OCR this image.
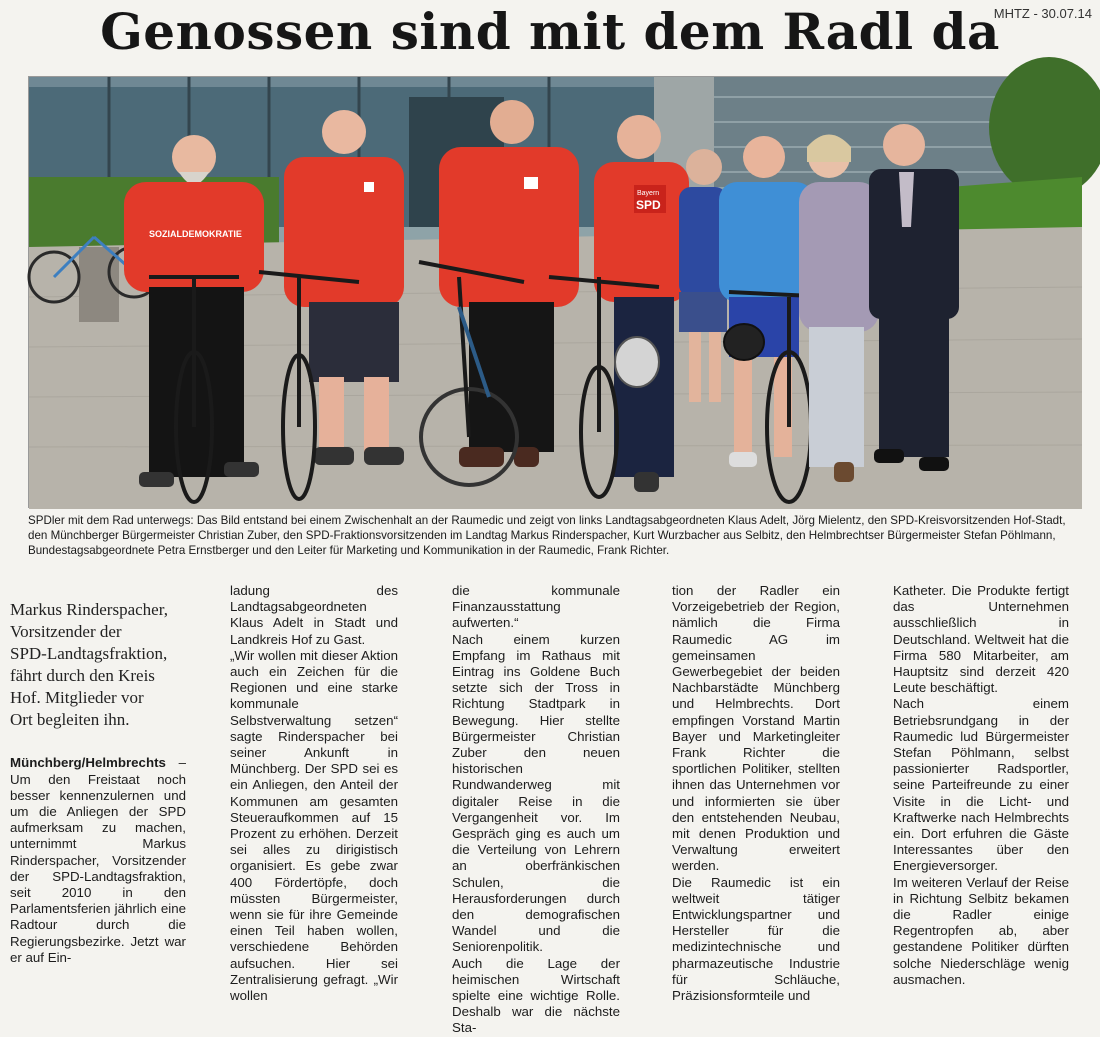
Genossen sind mit dem Radl da
MHTZ - 30.07.14
SOZIALDEMOKRATIE
Bayern
SPD
SPDler mit dem Rad unterwegs: Das Bild entstand bei einem Zwischenhalt an der Raumedic und zeigt von links Landtagsabgeordneten Klaus Adelt, Jörg Mielentz, den SPD-Kreisvorsitzenden Hof-Stadt, den Münchberger Bürgermeister Christian Zuber, den SPD-Fraktionsvorsitzenden im Landtag Markus Rinderspacher, Kurt Wurzbacher aus Selbitz, den Helmbrechtser Bürgermeister Stefan Pöhlmann, Bundestagsabgeordnete Petra Ernstberger und den Leiter für Marketing und Kommunikation in der Raumedic, Frank Richter.

Markus Rinderspacher,
Vorsitzender der
SPD-Landtagsfraktion,
fährt durch den Kreis
Hof. Mitglieder vor
Ort begleiten ihn.

Münchberg/Helmbrechts – Um den Freistaat noch besser kennenzulernen und um die Anliegen der SPD aufmerksam zu machen, unternimmt Markus Rinderspacher, Vorsitzender der SPD-Landtagsfraktion, seit 2010 in den Parlamentsferien jährlich eine Radtour durch die Regierungsbezirke. Jetzt war er auf Ein-

ladung des Landtagsabgeordneten Klaus Adelt in Stadt und Landkreis Hof zu Gast.
„Wir wollen mit dieser Aktion auch ein Zeichen für die Regionen und eine starke kommunale Selbstverwaltung setzen“ sagte Rinderspacher bei seiner Ankunft in Münchberg. Der SPD sei es ein Anliegen, den Anteil der Kommunen am gesamten Steueraufkommen auf 15 Prozent zu erhöhen. Derzeit sei alles zu dirigistisch organisiert. Es gebe zwar 400 Fördertöpfe, doch müssten Bürgermeister, wenn sie für ihre Gemeinde einen Teil haben wollen, verschiedene Behörden aufsuchen. Hier sei Zentralisierung gefragt. „Wir wollen
die kommunale Finanzausstattung aufwerten.“
Nach einem kurzen Empfang im Rathaus mit Eintrag ins Goldene Buch setzte sich der Tross in Richtung Stadtpark in Bewegung. Hier stellte Bürgermeister Christian Zuber den neuen historischen Rundwanderweg mit digitaler Reise in die Vergangenheit vor. Im Gespräch ging es auch um die Verteilung von Lehrern an oberfränkischen Schulen, die Herausforderungen durch den demografischen Wandel und die Seniorenpolitik.
Auch die Lage der heimischen Wirtschaft spielte eine wichtige Rolle. Deshalb war die nächste Sta-
tion der Radler ein Vorzeigebetrieb der Region, nämlich die Firma Raumedic AG im gemeinsamen Gewerbegebiet der beiden Nachbarstädte Münchberg und Helmbrechts. Dort empfingen Vorstand Martin Bayer und Marketingleiter Frank Richter die sportlichen Politiker, stellten ihnen das Unternehmen vor und informierten sie über den entstehenden Neubau, mit denen Produktion und Verwaltung erweitert werden.
Die Raumedic ist ein weltweit tätiger Entwicklungspartner und Hersteller für die medizintechnische und pharmazeutische Industrie für Schläuche, Präzisionsformteile und
Katheter. Die Produkte fertigt das Unternehmen ausschließlich in Deutschland. Weltweit hat die Firma 580 Mitarbeiter, am Hauptsitz sind derzeit 420 Leute beschäftigt.
Nach einem Betriebsrundgang in der Raumedic lud Bürgermeister Stefan Pöhlmann, selbst passionierter Radsportler, seine Parteifreunde zu einer Visite in die Licht- und Kraftwerke nach Helmbrechts ein. Dort erfuhren die Gäste Interessantes über den Energieversorger.
Im weiteren Verlauf der Reise in Richtung Selbitz bekamen die Radler einige Regentropfen ab, aber gestandene Politiker dürften solche Niederschläge wenig ausmachen.
